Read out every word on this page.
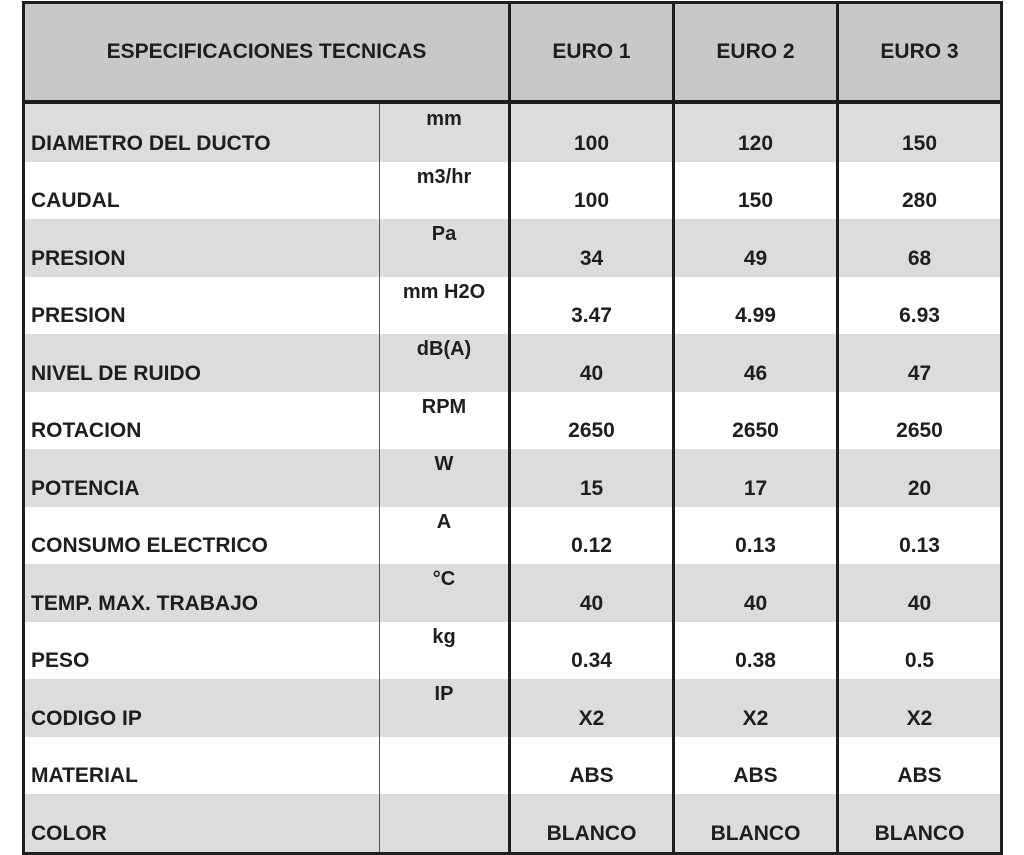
ESPECIFICACIONES TECNICAS		EURO 1	EURO 2	EURO 3
DIAMETRO DEL DUCTO	mm	100	120	150
CAUDAL	m3/hr	100	150	280
PRESION	Pa	34	49	68
PRESION	mm H2O	3.47	4.99	6.93
NIVEL DE RUIDO	dB(A)	40	46	47
ROTACION	RPM	2650	2650	2650
POTENCIA	W	15	17	20
CONSUMO ELECTRICO	A	0.12	0.13	0.13
TEMP. MAX. TRABAJO	°C	40	40	40
PESO	kg	0.34	0.38	0.5
CODIGO IP	IP	X2	X2	X2
MATERIAL		ABS	ABS	ABS
COLOR		BLANCO	BLANCO	BLANCO
